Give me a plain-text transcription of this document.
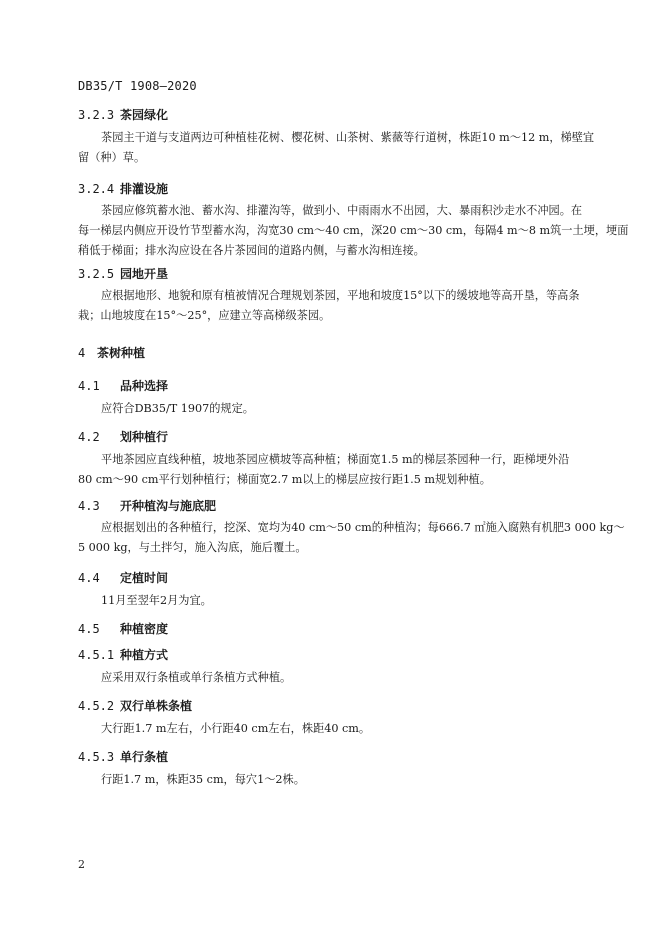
DB35/T 1908—2020
3.2.3 茶园绿化
茶园主干道与支道两边可种植桂花树、樱花树、山茶树、紫薇等行道树，株距10 m～12 m，梯壁宜
留（种）草。
3.2.4 排灌设施
茶园应修筑蓄水池、蓄水沟、排灌沟等，做到小、中雨雨水不出园，大、暴雨积沙走水不冲园。在
每一梯层内侧应开设竹节型蓄水沟，沟宽30 cm～40 cm，深20 cm～30 cm，每隔4 m～8 m筑一土埂，埂面
稍低于梯面；排水沟应设在各片茶园间的道路内侧，与蓄水沟相连接。
3.2.5 园地开垦
应根据地形、地貌和原有植被情况合理规划茶园，平地和坡度15°以下的缓坡地等高开垦，等高条
栽；山地坡度在15°～25°，应建立等高梯级茶园。
4 茶树种植
4.1 品种选择
应符合DB35/T 1907的规定。
4.2 划种植行
平地茶园应直线种植，坡地茶园应横坡等高种植；梯面宽1.5 m的梯层茶园种一行，距梯埂外沿
80 cm～90 cm平行划种植行；梯面宽2.7 m以上的梯层应按行距1.5 m规划种植。
4.3 开种植沟与施底肥
应根据划出的各种植行，挖深、宽均为40 cm～50 cm的种植沟；每666.7 ㎡施入腐熟有机肥3 000 kg～
5 000 kg，与土拌匀，施入沟底，施后覆土。
4.4 定植时间
11月至翌年2月为宜。
4.5 种植密度
4.5.1 种植方式
应采用双行条植或单行条植方式种植。
4.5.2 双行单株条植
大行距1.7 m左右，小行距40 cm左右，株距40 cm。
4.5.3 单行条植
行距1.7 m，株距35 cm，每穴1～2株。
2
